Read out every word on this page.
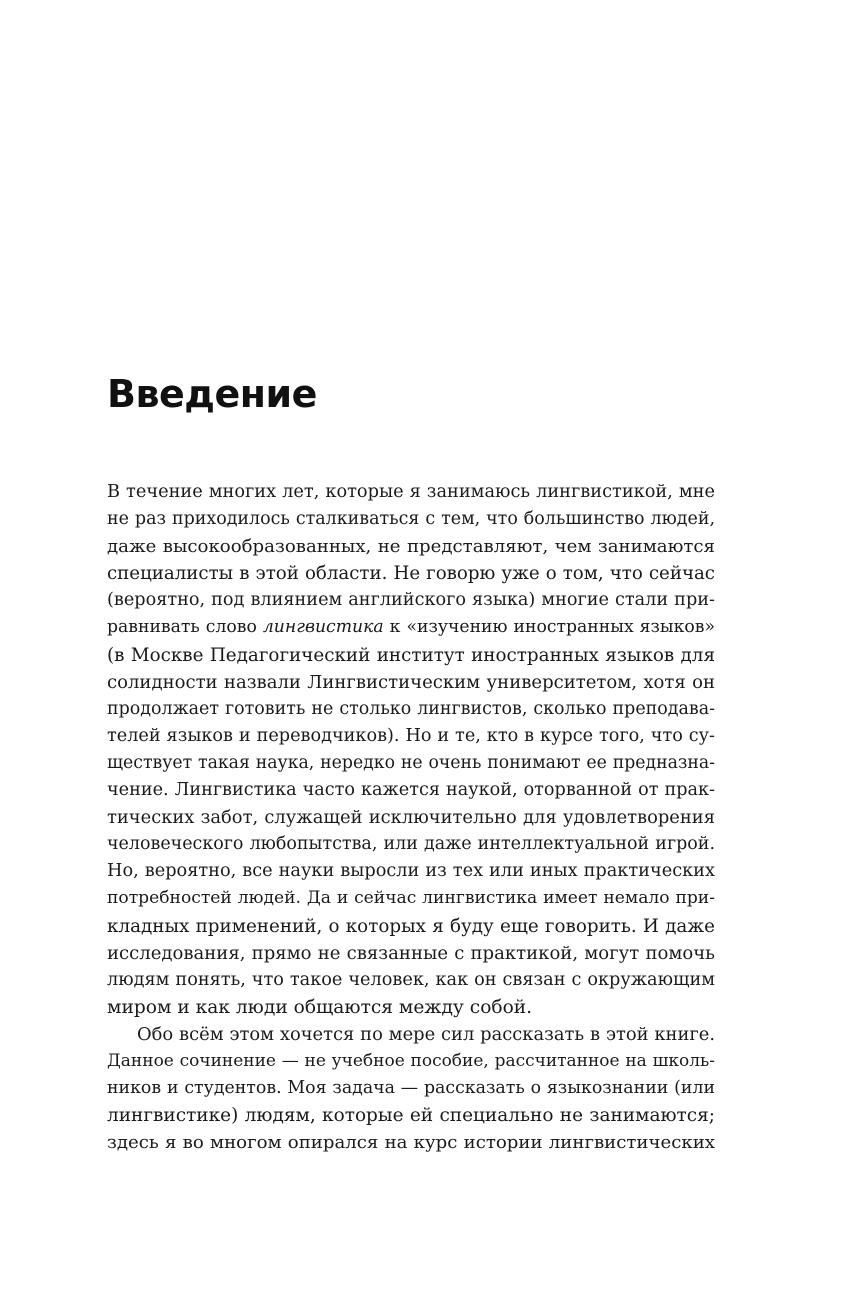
Введение
В течение многих лет, которые я занимаюсь лингвистикой, мне
не раз приходилось сталкиваться с тем, что большинство людей,
даже высокообразованных, не представляют, чем занимаются
специалисты в этой области. Не говорю уже о том, что сейчас
(вероятно, под влиянием английского языка) многие стали при-
равнивать слово лингвистика к «изучению иностранных языков»
(в Москве Педагогический институт иностранных языков для
солидности назвали Лингвистическим университетом, хотя он
продолжает готовить не столько лингвистов, сколько преподава-
телей языков и переводчиков). Но и те, кто в курсе того, что су-
ществует такая наука, нередко не очень понимают ее предназна-
чение. Лингвистика часто кажется наукой, оторванной от прак-
тических забот, служащей исключительно для удовлетворения
человеческого любопытства, или даже интеллектуальной игрой.
Но, вероятно, все науки выросли из тех или иных практических
потребностей людей. Да и сейчас лингвистика имеет немало при-
кладных применений, о которых я буду еще говорить. И даже
исследования, прямо не связанные с практикой, могут помочь
людям понять, что такое человек, как он связан с окружающим
миром и как люди общаются между собой.
Обо всём этом хочется по мере сил рассказать в этой книге.
Данное сочинение — не учебное пособие, рассчитанное на школь-
ников и студентов. Моя задача — рассказать о языкознании (или
лингвистике) людям, которые ей специально не занимаются;
здесь я во многом опирался на курс истории лингвистических
